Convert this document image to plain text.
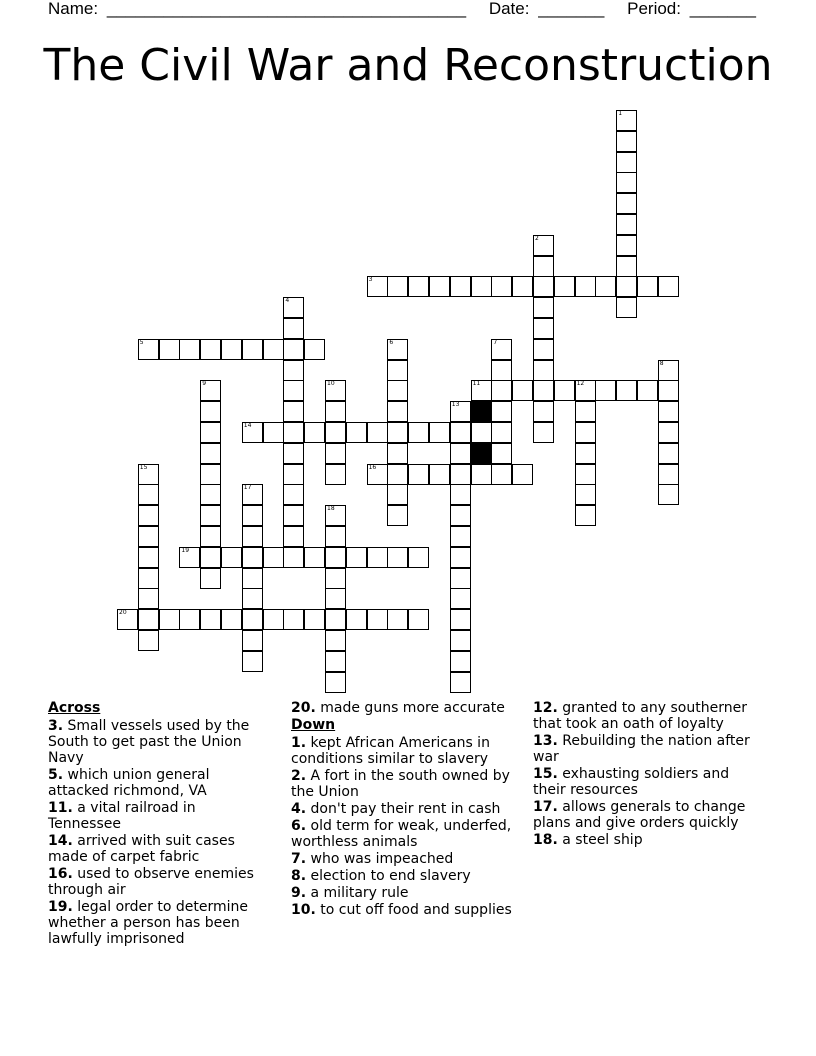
Name: ______________________________________ Date: _______ Period: _______
The Civil War and Reconstruction
1
2
3
4
5	6	7
8
9	10	11	12
13
14
15	16
17
18
19
20
Across
3. Small vessels used by the South to get past the Union Navy
5. which union general attacked richmond, VA
11. a vital railroad in Tennessee
14. arrived with suit cases made of carpet fabric
16. used to observe enemies through air
19. legal order to determine whether a person has been lawfully imprisoned
20. made guns more accurate
Down
1. kept African Americans in conditions similar to slavery
2. A fort in the south owned by the Union
4. don't pay their rent in cash
6. old term for weak, underfed, worthless animals
7. who was impeached
8. election to end slavery
9. a military rule
10. to cut off food and supplies
12. granted to any southerner that took an oath of loyalty
13. Rebuilding the nation after war
15. exhausting soldiers and their resources
17. allows generals to change plans and give orders quickly
18. a steel ship
